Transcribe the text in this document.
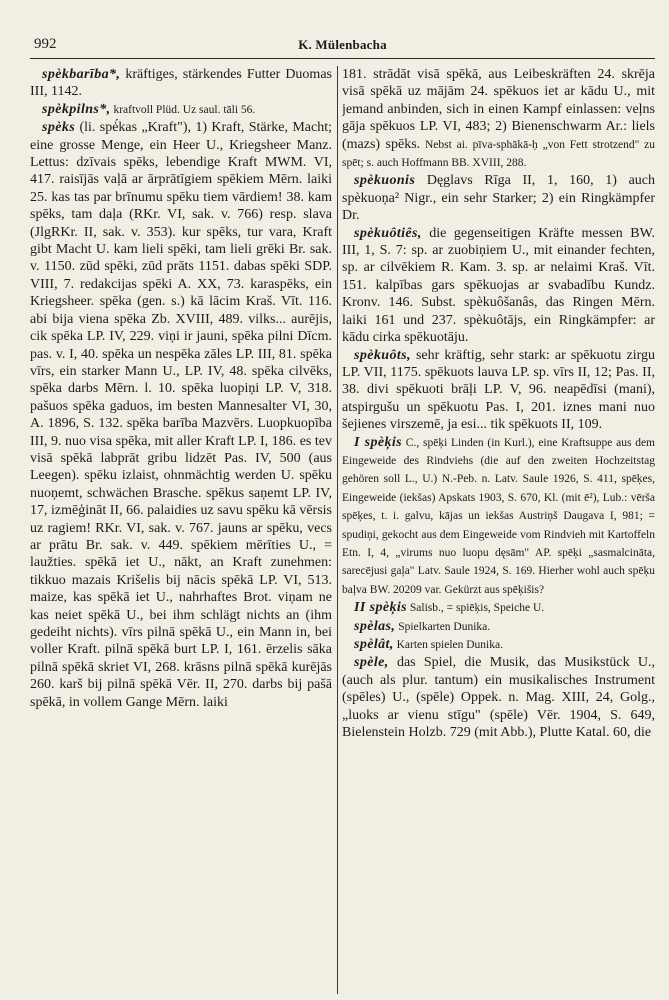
992	K. Mülenbacha

spèkbarība*, kräftiges, stärkendes Futter Duomas III, 1142.

spèkpilns*, kraftvoll Plüd. Uz saul. tāli 56.

spèks (li. spė́kas „Kraft"), 1) Kraft, Stärke, Macht; eine grosse Menge, ein Heer U., Kriegsheer Manz. Lettus: dzīvais spēks, lebendige Kraft MWM. VI, 417. raisījās vaļā ar ārprātīgiem spēkiem Mērn. laiki 25. kas tas par brīnumu spēku tiem vārdiem! 38. kam spēks, tam daļa (RKr. VI, sak. v. 766) resp. slava (JlgRKr. II, sak. v. 353). kur spēks, tur vara, Kraft gibt Macht U. kam lieli spēki, tam lieli grēki Br. sak. v. 1150. zūd spēki, zūd prāts 1151. dabas spēki SDP. VIII, 7. redakcijas spēki A. XX, 73. karaspēks, ein Kriegsheer. spēka (gen. s.) kā lācim Kraš. Vīt. 116. abi bija viena spēka Zb. XVIII, 489. vilks... aurējis, cik spēka LP. IV, 229. viņi ir jauni, spēka pilni Dīcm. pas. v. I, 40. spēka un nespēka zāles LP. III, 81. spēka vīrs, ein starker Mann U., LP. IV, 48. spēka cilvēks, spēka darbs Mērn. l. 10. spēka luopiņi LP. V, 318. pašuos spēka gaduos, im besten Mannesalter VI, 30, A. 1896, S. 132. spēka barība Mazvērs. Luopkuopība III, 9. nuo visa spēka, mit aller Kraft LP. I, 186. es tev visā spēkā labprāt gribu lidzēt Pas. IV, 500 (aus Leegen). spēku izlaist, ohnmächtig werden U. spēku nuoņemt, schwächen Brasche. spēkus saņemt LP. IV, 17, izmēģināt II, 66. palaidies uz savu spēku kā vērsis uz ragiem! RKr. VI, sak. v. 767. jauns ar spēku, vecs ar prātu Br. sak. v. 449. spēkiem mērīties U., = laužties. spēkā iet U., nākt, an Kraft zunehmen: tikkuo mazais Krišelis bij nācis spēkā LP. VI, 513. maize, kas spēkā iet U., nahrhaftes Brot. viņam ne kas neiet spēkā U., bei ihm schlägt nichts an (ihm gedeiht nichts). vīrs pilnā spēkā U., ein Mann in, bei voller Kraft. pilnā spēkā burt LP. I, 161. ērzelis sāka pilnā spēkā skriet VI, 268. krāsns pilnā spēkā kurējās 260. karš bij pilnā spēkā Vēr. II, 270. darbs bij pašā spēkā, in vollem Gange Mērn. laiki

181. strādāt visā spēkā, aus Leibeskräften 24. skrēja visā spēkā uz mājām 24. spēkuos iet ar kādu U., mit jemand anbinden, sich in einen Kampf einlassen: veļns gāja spēkuos LP. VI, 483; 2) Bienenschwarm Ar.: liels (mazs) spēks. Nebst ai. pīva-sphākā-ḥ „von Fett strotzend" zu spēt; s. auch Hoffmann BB. XVIII, 288.

spèkuonis Dęglavs Rīga II, 1, 160, 1) auch spèkuoņa² Nigr., ein sehr Starker; 2) ein Ringkämpfer Dr.

spèkuôtiês, die gegenseitigen Kräfte messen BW. III, 1, S. 7: sp. ar zuobiņiem U., mit einander fechten, sp. ar cilvēkiem R. Kam. 3. sp. ar nelaimi Kraš. Vīt. 151. kalpības gars spēkuojas ar svabadību Kundz. Kronv. 146. Subst. spèkuôšanâs, das Ringen Mērn. laiki 161 und 237. spèkuôtājs, ein Ringkämpfer: ar kādu cirka spēkuotāju.

spèkuôts, sehr kräftig, sehr stark: ar spēkuotu zirgu LP. VII, 1175. spēkuots lauva LP. sp. vīrs II, 12; Pas. II, 38. divi spēkuoti brāļi LP. V, 96. neapēdīsi (mani), atspirgušu un spēkuotu Pas. I, 201. iznes mani nuo šejienes virszemē, ja esi... tik spēkuots II, 109.

I spèķis C., spēķi Linden (in Kurl.), eine Kraftsuppe aus dem Eingeweide des Rindviehs (die auf den zweiten Hochzeitstag gehören soll L., U.) N.-Peb. n. Latv. Saule 1926, S. 411, spēķes, Eingeweide (iekšas) Apskats 1903, S. 670, Kl. (mit ē²), Lub.: vērša spēķes, t. i. galvu, kājas un iekšas Austriņš Daugava I, 981; = spudiņi, gekocht aus dem Eingeweide vom Rindvieh mit Kartoffeln Etn. I, 4, „virums nuo luopu dęsām" AP. spēķi „sasmalcināta, sarecējusi gaļa" Latv. Saule 1924, S. 169. Hierher wohl auch spēķu baļva BW. 20209 var. Gekürzt aus spēķišis?

II spèķis Salisb., = spiēķis, Speiche U.

spèlas, Spielkarten Dunika.

spèlât, Karten spielen Dunika.

spèle, das Spiel, die Musik, das Musikstück U., (auch als plur. tantum) ein musikalisches Instrument (spēles) U., (spēle) Oppek. n. Mag. XIII, 24, Golg., „luoks ar vienu stīgu" (spēle) Vēr. 1904, S. 649, Bielenstein Holzb. 729 (mit Abb.), Plutte Katal. 60, die
